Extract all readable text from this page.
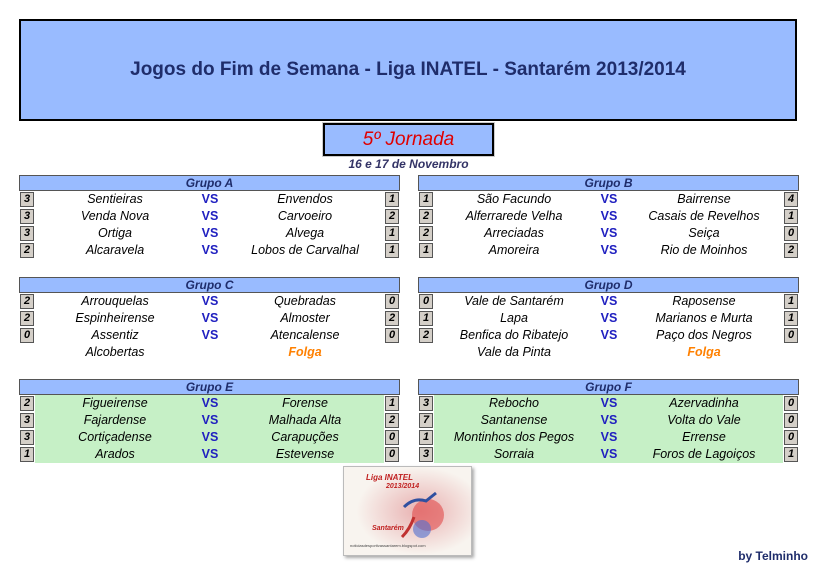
Jogos do Fim de Semana - Liga INATEL - Santarém 2013/2014
5º Jornada
16 e 17 de Novembro
Grupo A
3	Sentieiras	VS	Envendos	1
3	Venda Nova	VS	Carvoeiro	2
3	Ortiga	VS	Alvega	1
2	Alcaravela	VS	Lobos de Carvalhal	1
Grupo B
1	São Facundo	VS	Bairrense	4
2	Alferrarede Velha	VS	Casais de Revelhos	1
2	Arreciadas	VS	Seiça	0
1	Amoreira	VS	Rio de Moinhos	2
Grupo C
2	Arrouquelas	VS	Quebradas	0
2	Espinheirense	VS	Almoster	2
0	Assentiz	VS	Atencalense	0
Alcobertas	Folga
Grupo D
0	Vale de Santarém	VS	Raposense	1
1	Lapa	VS	Marianos e Murta	1
2	Benfica do Ribatejo	VS	Paço dos Negros	0
Vale da Pinta	Folga
Grupo E
2	Figueirense	VS	Forense	1
3	Fajardense	VS	Malhada Alta	2
3	Cortiçadense	VS	Carapuções	0
1	Arados	VS	Estevense	0
Grupo F
3	Rebocho	VS	Azervadinha	0
7	Santanense	VS	Volta do Vale	0
1	Montinhos dos Pegos	VS	Errense	0
3	Sorraia	VS	Foros de Lagoiços	1
Liga INATEL
2013/2014
Santarém
noticiasdesportivassantarem.blogspot.com
by Telminho
